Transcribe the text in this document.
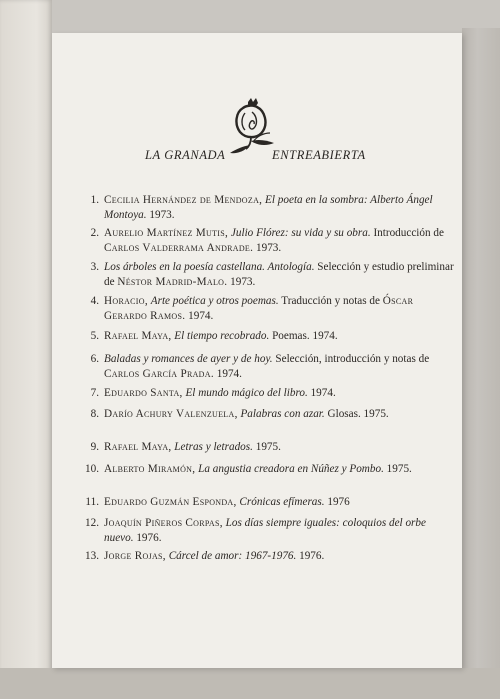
LA GRANADA	ENTREABIERTA
1. Cecilia Hernández de Mendoza, El poeta en la sombra: Alberto Ángel Montoya. 1973.
2. Aurelio Martínez Mutis, Julio Flórez: su vida y su obra. Introducción de Carlos Valderrama Andrade. 1973.
3. Los árboles en la poesía castellana. Antología. Selección y estudio preliminar de Néstor Madrid-Malo. 1973.
4. Horacio, Arte poética y otros poemas. Traducción y notas de Óscar Gerardo Ramos. 1974.
5. Rafael Maya, El tiempo recobrado. Poemas. 1974.
6. Baladas y romances de ayer y de hoy. Selección, introducción y notas de Carlos García Prada. 1974.
7. Eduardo Santa, El mundo mágico del libro. 1974.
8. Darío Achury Valenzuela, Palabras con azar. Glosas. 1975.
9. Rafael Maya, Letras y letrados. 1975.
10. Alberto Miramón, La angustia creadora en Núñez y Pombo. 1975.
11. Eduardo Guzmán Esponda, Crónicas efímeras. 1976
12. Joaquín Piñeros Corpas, Los días siempre iguales: coloquios del orbe nuevo. 1976.
13. Jorge Rojas, Cárcel de amor: 1967-1976. 1976.
